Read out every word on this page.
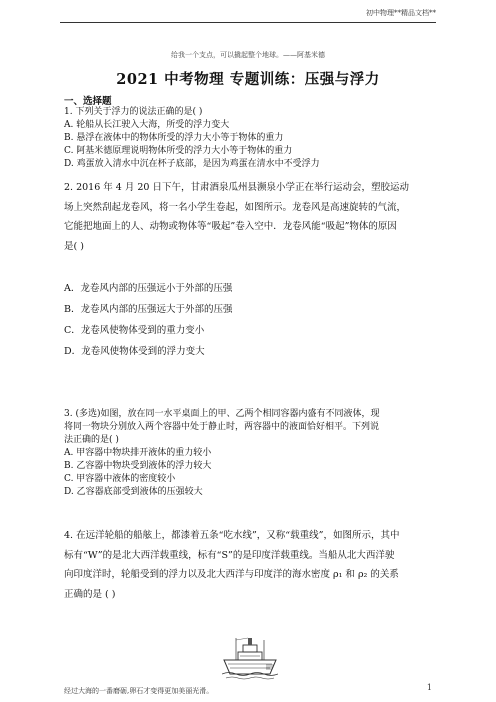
初中物理**精品文档**
给我一个支点，可以撬起整个地球。——阿基米德
2021 中考物理 专题训练：压强与浮力
一、选择题
1. 下列关于浮力的说法正确的是( )
A. 轮船从长江驶入大海，所受的浮力变大
B. 悬浮在液体中的物体所受的浮力大小等于物体的重力
C. 阿基米德原理说明物体所受的浮力大小等于物体的重力
D. 鸡蛋放入清水中沉在杯子底部，是因为鸡蛋在清水中不受浮力
2. 2016 年 4 月 20 日下午，甘肃酒泉瓜州县濒泉小学正在举行运动会，塑胶运动
场上突然刮起龙卷风，将一名小学生卷起，如图所示。龙卷风是高速旋转的气流，
它能把地面上的人、动物或物体等“吸起”卷入空中．龙卷风能“吸起”物体的原因
是( )
A．龙卷风内部的压强远小于外部的压强
B．龙卷风内部的压强远大于外部的压强
C．龙卷风使物体受到的重力变小
D．龙卷风使物体受到的浮力变大
3. (多选)如图，放在同一水平桌面上的甲、乙两个相同容器内盛有不同液体，现
将同一物块分别放入两个容器中处于静止时，两容器中的液面恰好相平。下列说
法正确的是( )
A. 甲容器中物块排开液体的重力较小
B. 乙容器中物块受到液体的浮力较大
C. 甲容器中液体的密度较小
D. 乙容器底部受到液体的压强较大
4. 在远洋轮船的船舷上，都漆着五条“吃水线”，又称“载重线”，如图所示，其中
标有“W”的是北大西洋载重线，标有“S”的是印度洋载重线。当船从北大西洋驶
向印度洋时，轮船受到的浮力以及北大西洋与印度洋的海水密度 ρ₁ 和 ρ₂ 的关系
正确的是 ( )
经过大海的一番磨砺,卵石才变得更加美丽光滑。	1
